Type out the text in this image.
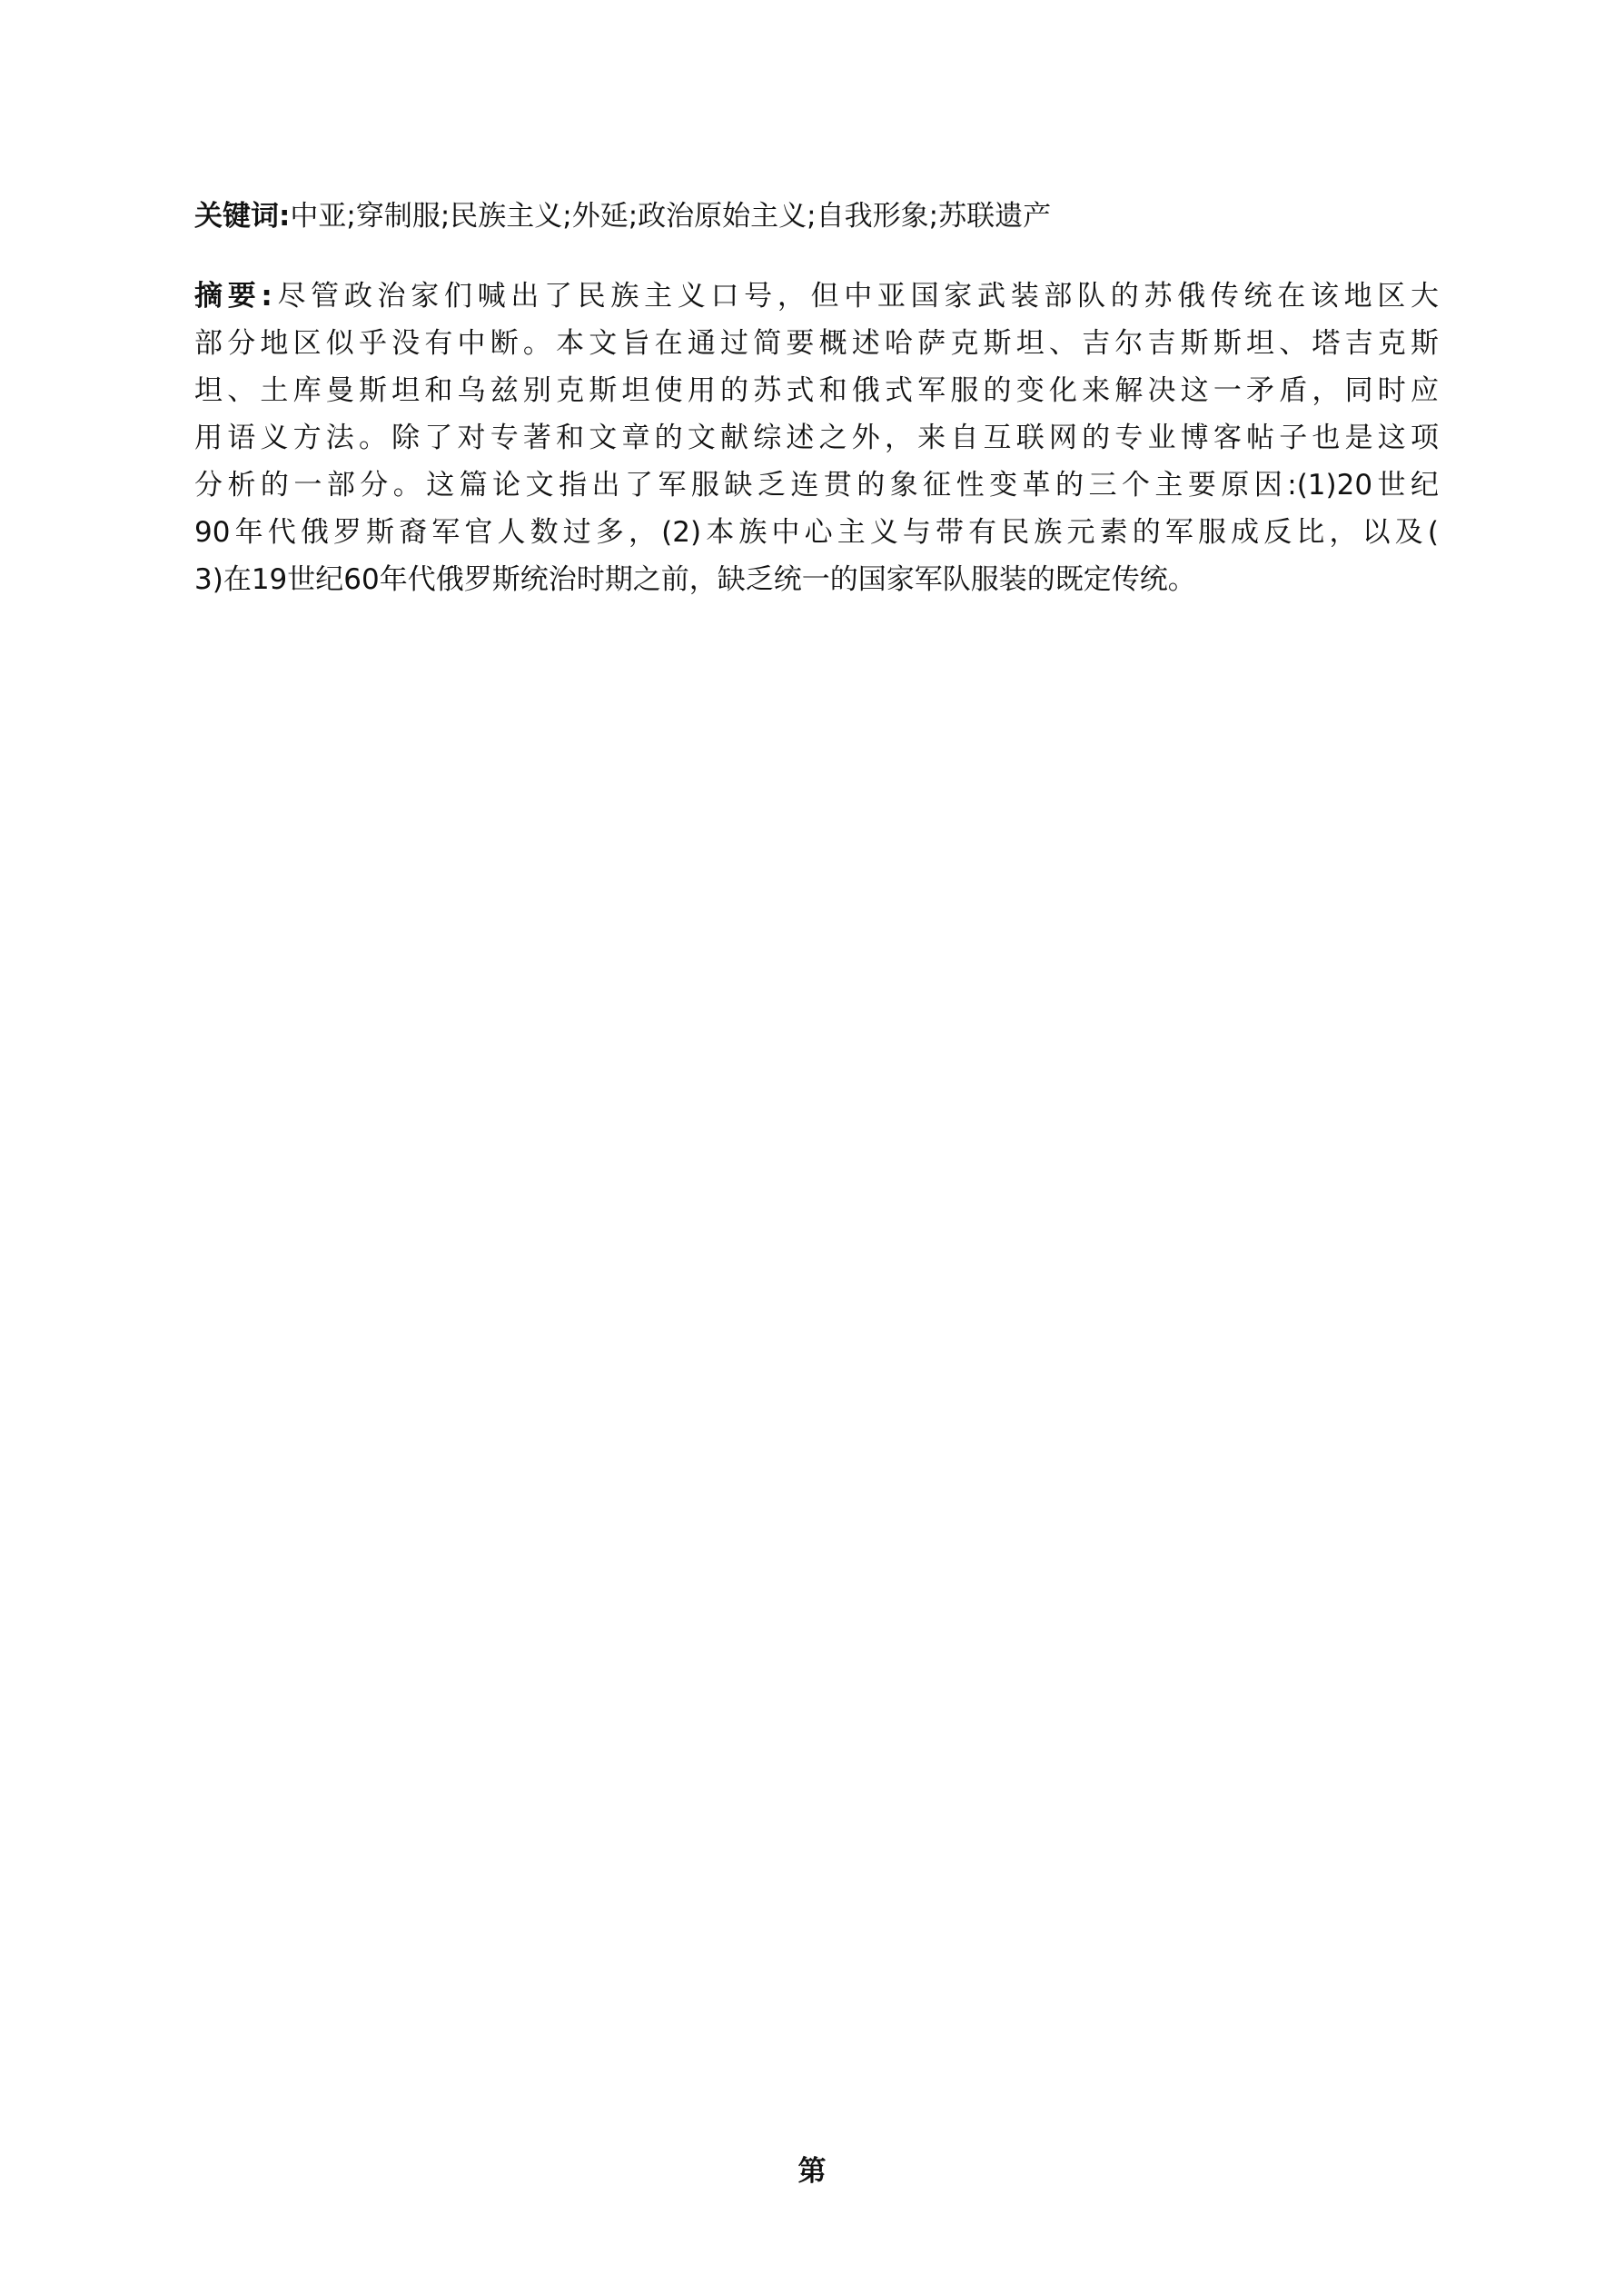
关键词:中亚;穿制服;民族主义;外延;政治原始主义;自我形象;苏联遗产
摘要:尽管政治家们喊出了民族主义口号，但中亚国家武装部队的苏俄传统在该地区大
部分地区似乎没有中断。本文旨在通过简要概述哈萨克斯坦、吉尔吉斯斯坦、塔吉克斯
坦、土库曼斯坦和乌兹别克斯坦使用的苏式和俄式军服的变化来解决这一矛盾，同时应
用语义方法。除了对专著和文章的文献综述之外，来自互联网的专业博客帖子也是这项
分析的一部分。这篇论文指出了军服缺乏连贯的象征性变革的三个主要原因:(1)20世纪
90年代俄罗斯裔军官人数过多，(2)本族中心主义与带有民族元素的军服成反比，以及(
3)在19世纪60年代俄罗斯统治时期之前，缺乏统一的国家军队服装的既定传统。
第
